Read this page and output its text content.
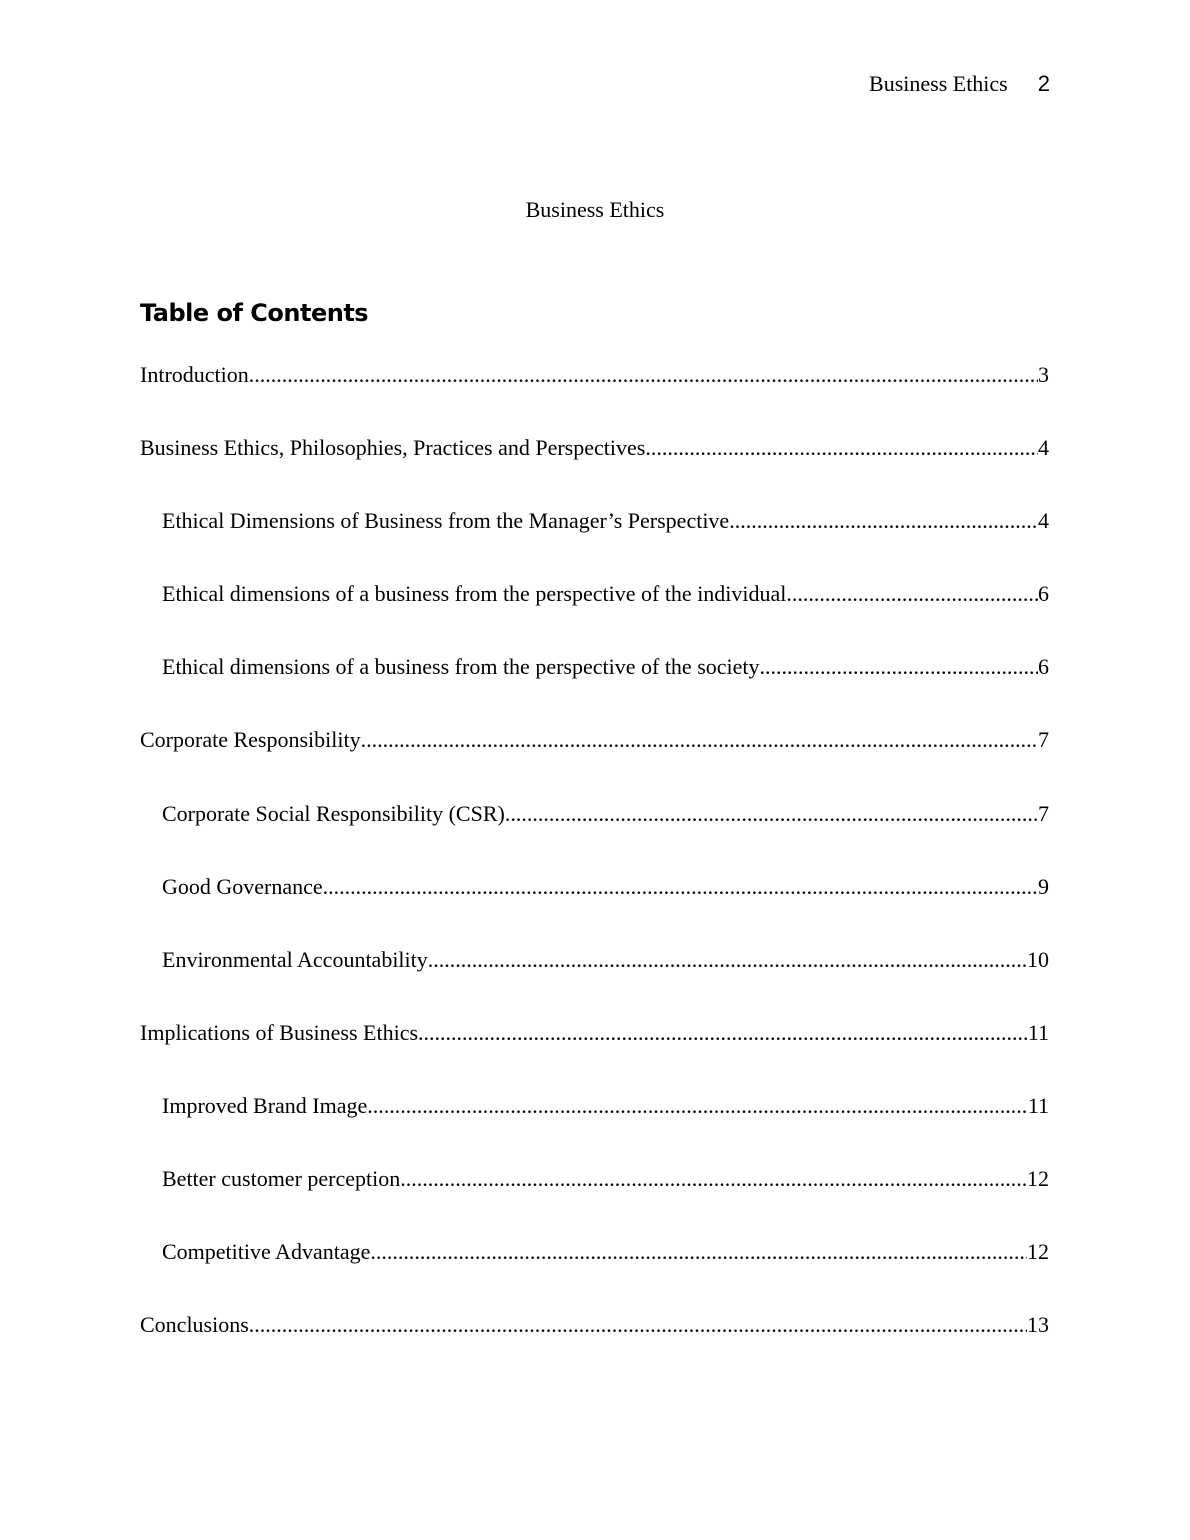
Business Ethics 2
Business Ethics
Table of Contents
Introduction .....	3
Business Ethics, Philosophies, Practices and Perspectives .....	4
Ethical Dimensions of Business from the Manager’s Perspective .....	4
Ethical dimensions of a business from the perspective of the individual .....	6
Ethical dimensions of a business from the perspective of the society .....	6
Corporate Responsibility .....	7
Corporate Social Responsibility (CSR) .....	7
Good Governance .....	9
Environmental Accountability .....	10
Implications of Business Ethics .....	11
Improved Brand Image .....	11
Better customer perception .....	12
Competitive Advantage .....	12
Conclusions .....	13
